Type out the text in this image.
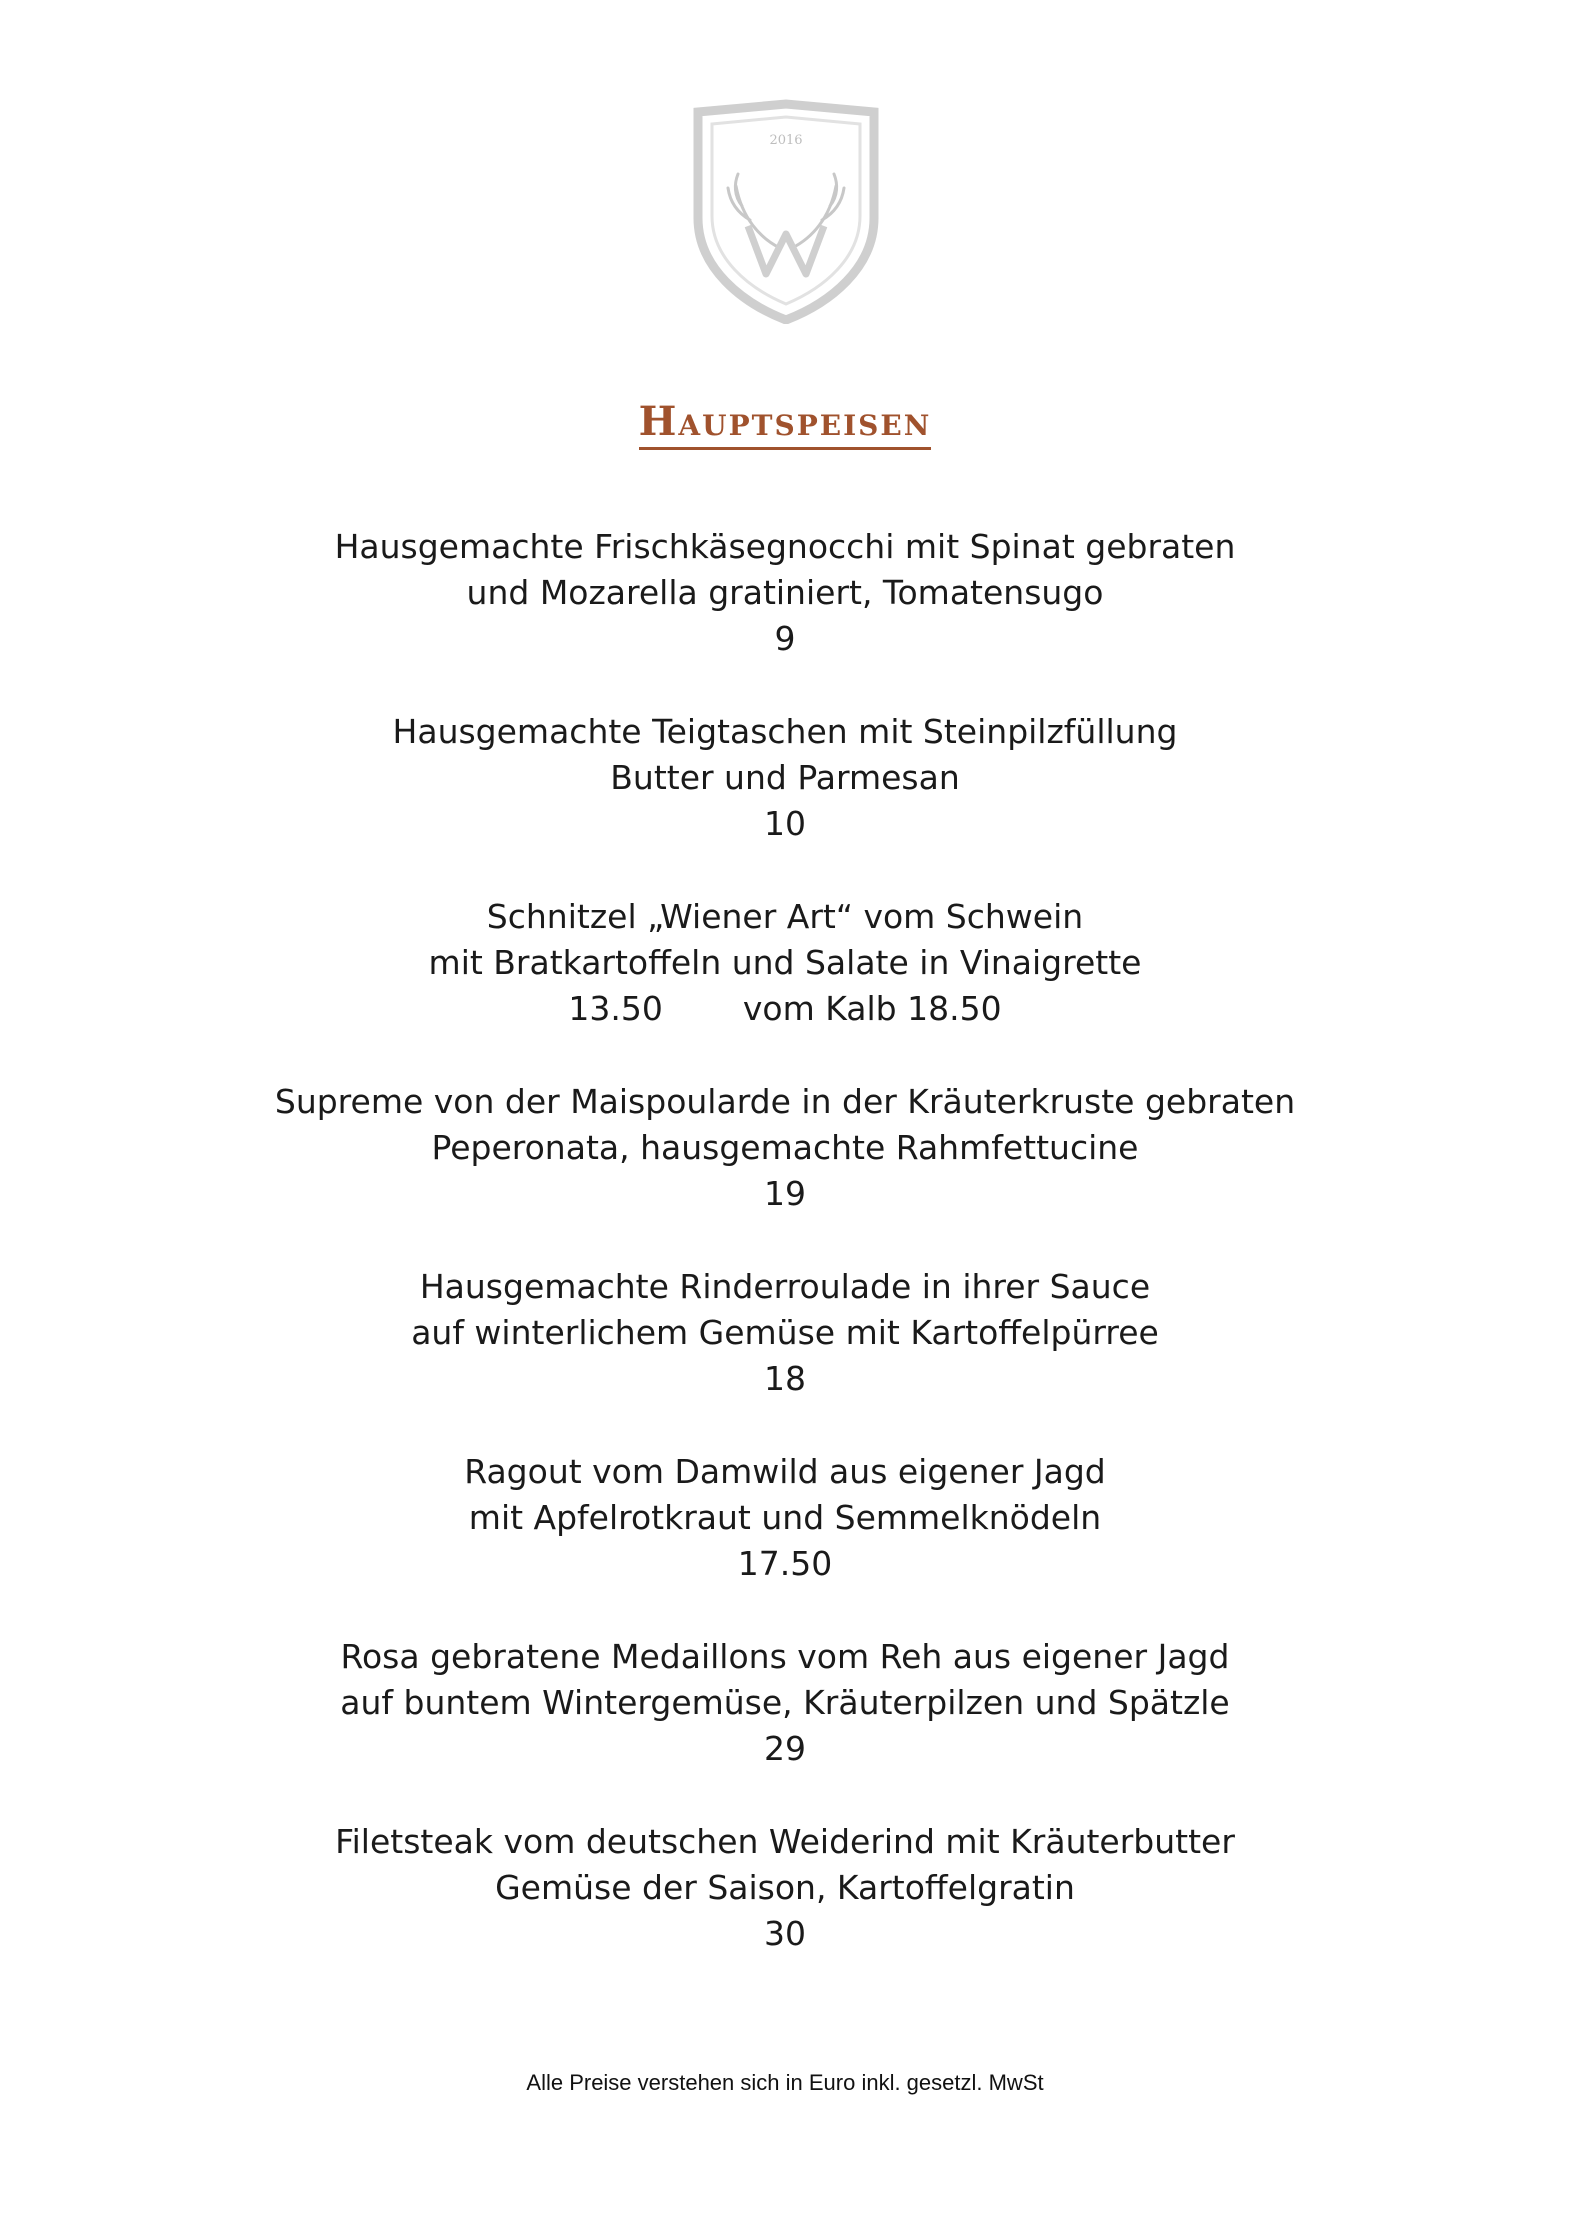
2016
Hauptspeisen
Hausgemachte Frischkäsegnocchi mit Spinat gebraten
und Mozarella gratiniert, Tomatensugo
9
Hausgemachte Teigtaschen mit Steinpilzfüllung
Butter und Parmesan
10
Schnitzel „Wiener Art“ vom Schwein
mit Bratkartoffeln und Salate in Vinaigrette
13.50 vom Kalb 18.50
Supreme von der Maispoularde in der Kräuterkruste gebraten
Peperonata, hausgemachte Rahmfettucine
19
Hausgemachte Rinderroulade in ihrer Sauce
auf winterlichem Gemüse mit Kartoffelpürree
18
Ragout vom Damwild aus eigener Jagd
mit Apfelrotkraut und Semmelknödeln
17.50
Rosa gebratene Medaillons vom Reh aus eigener Jagd
auf buntem Wintergemüse, Kräuterpilzen und Spätzle
29
Filetsteak vom deutschen Weiderind mit Kräuterbutter
Gemüse der Saison, Kartoffelgratin
30
Alle Preise verstehen sich in Euro inkl. gesetzl. MwSt
